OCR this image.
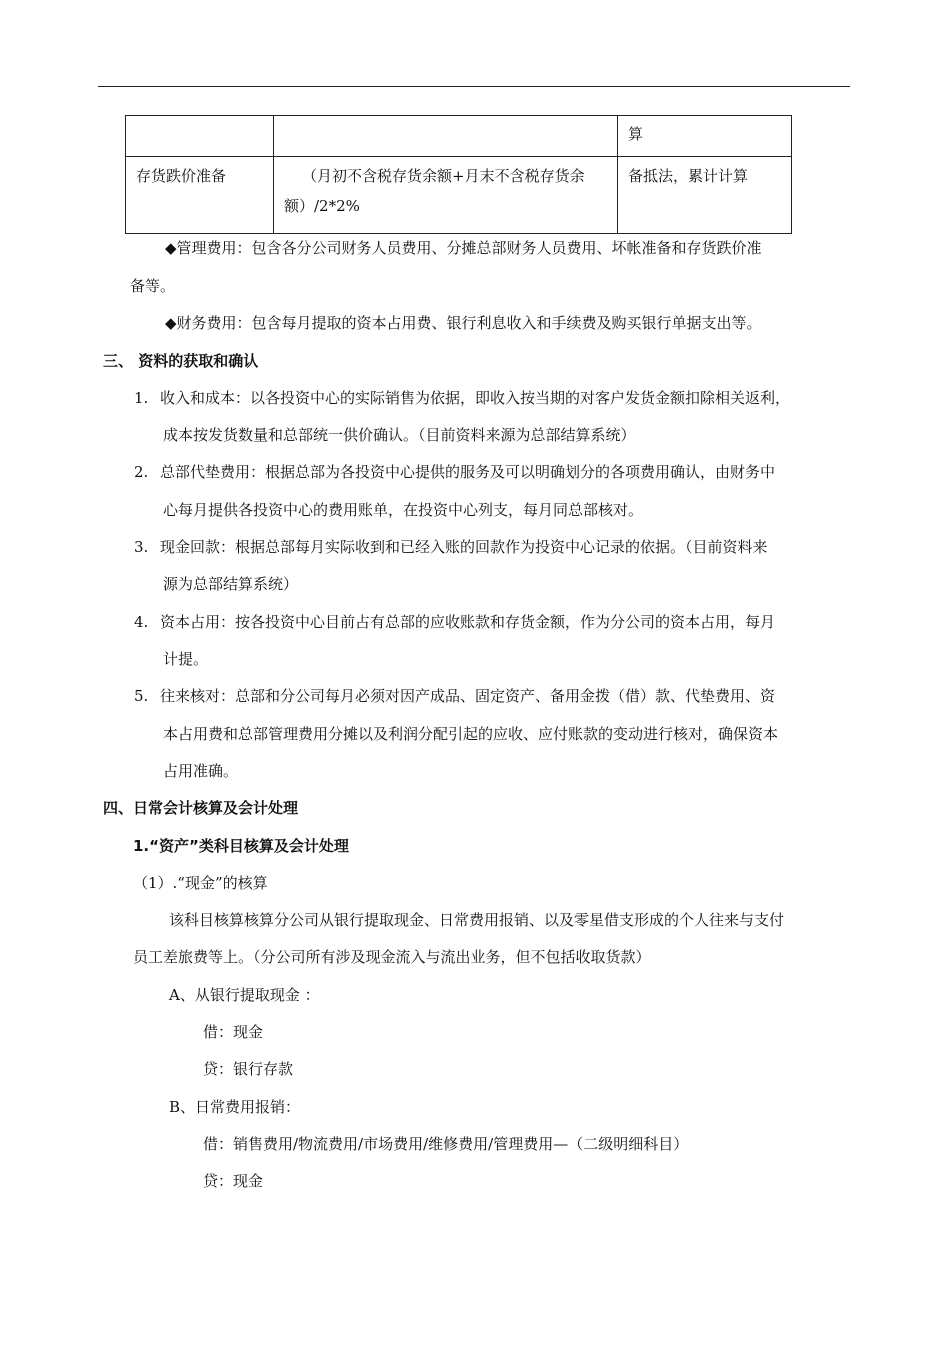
		算

存货跌价准备	（月初不含税存货余额+月末不含税存货余
额）/2*2%	备抵法，累计计算
◆管理费用：包含各分公司财务人员费用、分摊总部财务人员费用、坏帐准备和存货跌价准
备等。
◆财务费用：包含每月提取的资本占用费、银行利息收入和手续费及购买银行单据支出等。
三、 资料的获取和确认
1. 收入和成本：以各投资中心的实际销售为依据，即收入按当期的对客户发货金额扣除相关返利，
成本按发货数量和总部统一供价确认。（目前资料来源为总部结算系统）
2. 总部代垫费用：根据总部为各投资中心提供的服务及可以明确划分的各项费用确认，由财务中
心每月提供各投资中心的费用账单，在投资中心列支，每月同总部核对。
3. 现金回款：根据总部每月实际收到和已经入账的回款作为投资中心记录的依据。（目前资料来
源为总部结算系统）
4. 资本占用：按各投资中心目前占有总部的应收账款和存货金额，作为分公司的资本占用，每月
计提。
5. 往来核对：总部和分公司每月必须对因产成品、固定资产、备用金拨（借）款、代垫费用、资
本占用费和总部管理费用分摊以及利润分配引起的应收、应付账款的变动进行核对，确保资本
占用准确。
四、日常会计核算及会计处理
1.“资产”类科目核算及会计处理
（1）.“现金”的核算
该科目核算核算分公司从银行提取现金、日常费用报销、以及零星借支形成的个人往来与支付
员工差旅费等上。（分公司所有涉及现金流入与流出业务，但不包括收取货款）
A、从银行提取现金 ：
借：现金
贷：银行存款
B、日常费用报销：
借：销售费用/物流费用/市场费用/维修费用/管理费用—（二级明细科目）
贷：现金
